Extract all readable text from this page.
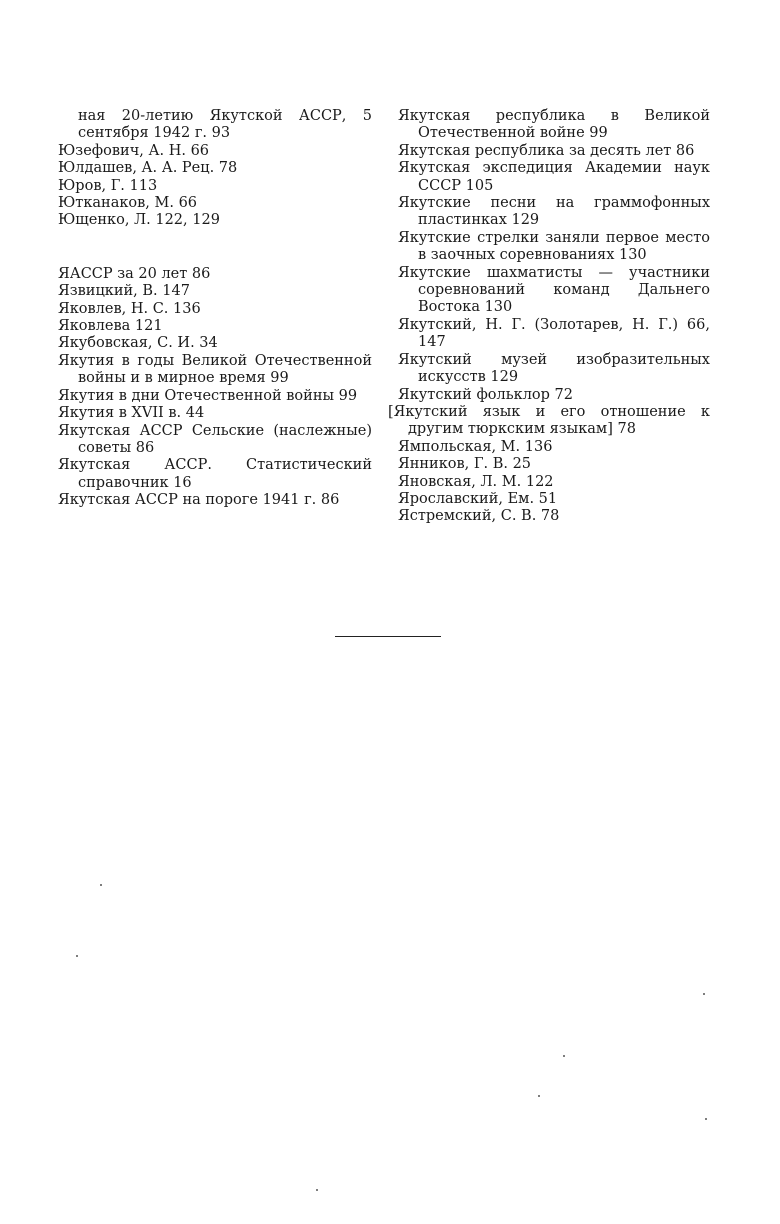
ная 20-летию Якутской АССР, 5 сентября 1942 г. 93

Юзефович, А. Н. 66

Юлдашев, А. А. Рец. 78

Юров, Г. 113

Ютканаков, М. 66

Ющенко, Л. 122, 129

ЯАССР за 20 лет 86

Язвицкий, В. 147

Яковлев, Н. С. 136

Яковлева 121

Якубовская, С. И. 34

Якутия в годы Великой Отечественной войны и в мирное время 99

Якутия в дни Отечественной войны 99

Якутия в XVII в. 44

Якутская АССР Сельские (наслежные) советы 86

Якутская АССР. Статистический справочник 16

Якутская АССР на пороге 1941 г. 86

Якутская республика в Великой Отечественной войне 99

Якутская республика за десять лет 86

Якутская экспедиция Академии наук СССР 105

Якутские песни на граммофонных пластинках 129

Якутские стрелки заняли первое место в заочных соревнованиях 130

Якутские шахматисты — участники соревнований команд Дальнего Востока 130

Якутский, Н. Г. (Золотарев, Н. Г.) 66, 147

Якутский музей изобразительных искусств 129

Якутский фольклор 72

[Якутский язык и его отношение к другим тюркским языкам] 78

Ямпольская, М. 136

Янников, Г. В. 25

Яновская, Л. М. 122

Ярославский, Ем. 51

Ястремский, С. В. 78
